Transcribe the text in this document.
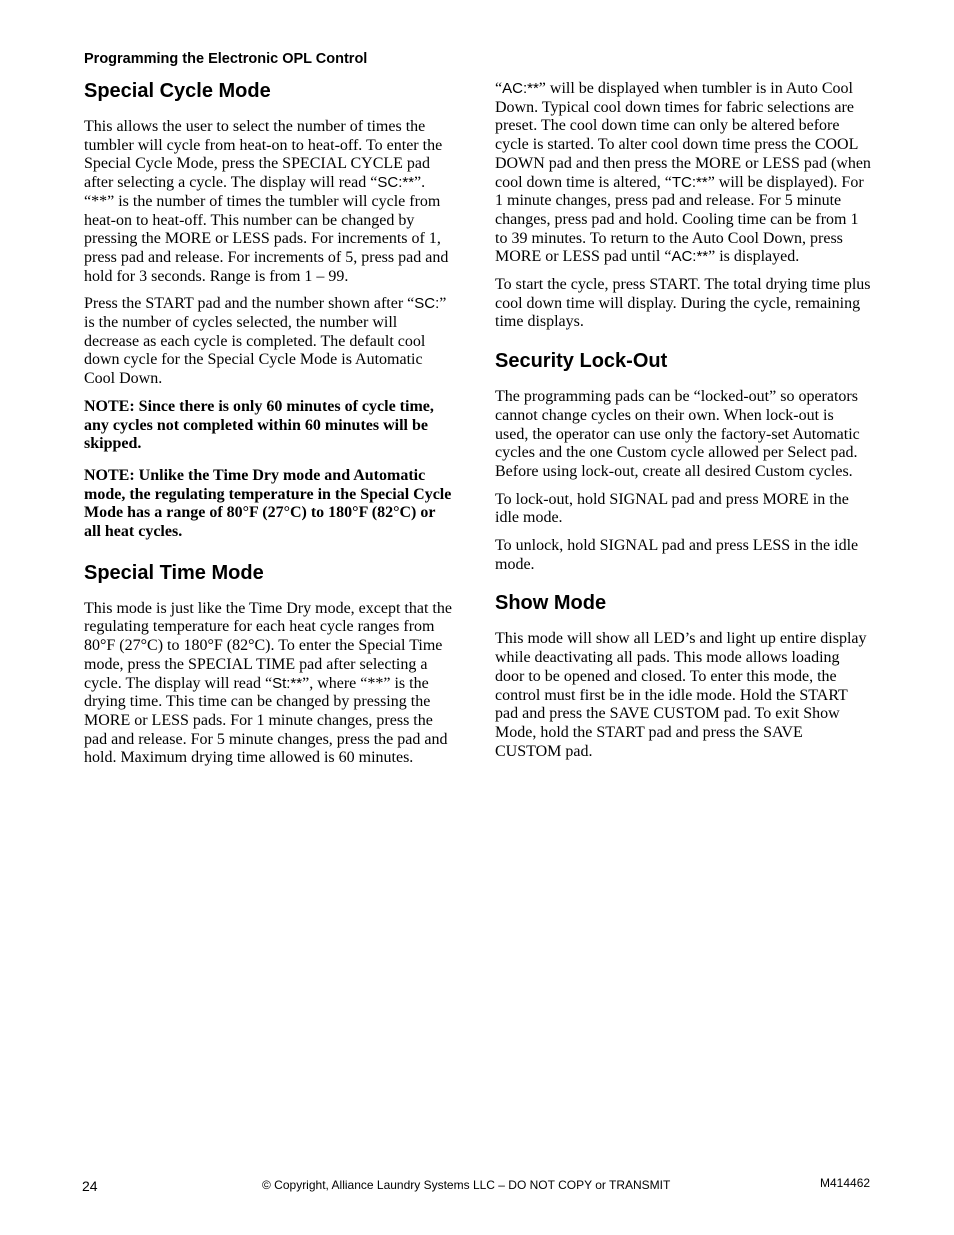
Programming the Electronic OPL Control
Special Cycle Mode

This allows the user to select the number of times the tumbler will cycle from heat-on to heat-off. To enter the Special Cycle Mode, press the SPECIAL CYCLE pad after selecting a cycle. The display will read “SC:**”. “**” is the number of times the tumbler will cycle from heat-on to heat-off. This number can be changed by pressing the MORE or LESS pads. For increments of 1, press pad and release. For increments of 5, press pad and hold for 3 seconds. Range is from 1 – 99.

Press the START pad and the number shown after “SC:” is the number of cycles selected, the number will decrease as each cycle is completed. The default cool down cycle for the Special Cycle Mode is Automatic Cool Down.

NOTE: Since there is only 60 minutes of cycle time, any cycles not completed within 60 minutes will be skipped.

NOTE: Unlike the Time Dry mode and Automatic mode, the regulating temperature in the Special Cycle Mode has a range of 80°F (27°C) to 180°F (82°C) or all heat cycles.

Special Time Mode

This mode is just like the Time Dry mode, except that the regulating temperature for each heat cycle ranges from 80°F (27°C) to 180°F (82°C). To enter the Special Time mode, press the SPECIAL TIME pad after selecting a cycle. The display will read “St:**”, where “**” is the drying time. This time can be changed by pressing the MORE or LESS pads. For 1 minute changes, press the pad and release. For 5 minute changes, press the pad and hold. Maximum drying time allowed is 60 minutes.

“AC:**” will be displayed when tumbler is in Auto Cool Down. Typical cool down times for fabric selections are preset. The cool down time can only be altered before cycle is started. To alter cool down time press the COOL DOWN pad and then press the MORE or LESS pad (when cool down time is altered, “TC:**” will be displayed). For 1 minute changes, press pad and release. For 5 minute changes, press pad and hold. Cooling time can be from 1 to 39 minutes. To return to the Auto Cool Down, press MORE or LESS pad until “AC:**” is displayed.

To start the cycle, press START. The total drying time plus cool down time will display. During the cycle, remaining time displays.

Security Lock-Out

The programming pads can be “locked-out” so operators cannot change cycles on their own. When lock-out is used, the operator can use only the factory-set Automatic cycles and the one Custom cycle allowed per Select pad. Before using lock-out, create all desired Custom cycles.

To lock-out, hold SIGNAL pad and press MORE in the idle mode.

To unlock, hold SIGNAL pad and press LESS in the idle mode.

Show Mode

This mode will show all LED’s and light up entire display while deactivating all pads. This mode allows loading door to be opened and closed. To enter this mode, the control must first be in the idle mode. Hold the START pad and press the SAVE CUSTOM pad. To exit Show Mode, hold the START pad and press the SAVE CUSTOM pad.

24	© Copyright, Alliance Laundry Systems LLC – DO NOT COPY or TRANSMIT	M414462
